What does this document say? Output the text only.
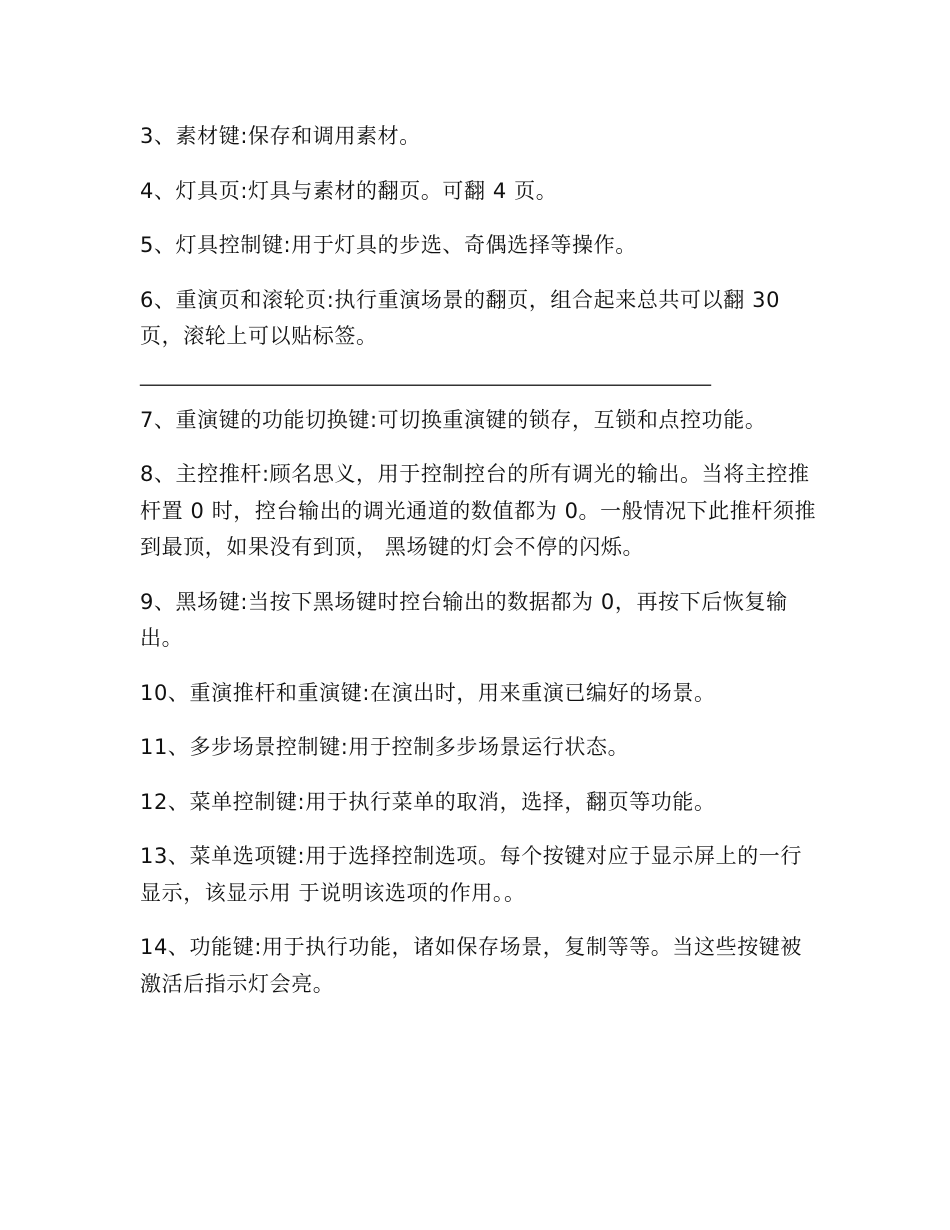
3、素材键:保存和调用素材。

4、灯具页:灯具与素材的翻页。可翻 4 页。

5、灯具控制键:用于灯具的步选、奇偶选择等操作。

6、重演页和滚轮页:执行重演场景的翻页，组合起来总共可以翻 30 页，滚轮上可以贴标签。

____________________________________________________________

7、重演键的功能切换键:可切换重演键的锁存，互锁和点控功能。

8、主控推杆:顾名思义，用于控制控台的所有调光的输出。当将主控推杆置 0 时，控台输出的调光通道的数值都为 0。一般情况下此推杆须推到最顶，如果没有到顶， 黑场键的灯会不停的闪烁。

9、黑场键:当按下黑场键时控台输出的数据都为 0，再按下后恢复输出。

10、重演推杆和重演键:在演出时，用来重演已编好的场景。

11、多步场景控制键:用于控制多步场景运行状态。

12、菜单控制键:用于执行菜单的取消，选择，翻页等功能。

13、菜单选项键:用于选择控制选项。每个按键对应于显示屏上的一行显示，该显示用 于说明该选项的作用。。

14、功能键:用于执行功能，诸如保存场景，复制等等。当这些按键被激活后指示灯会亮。
